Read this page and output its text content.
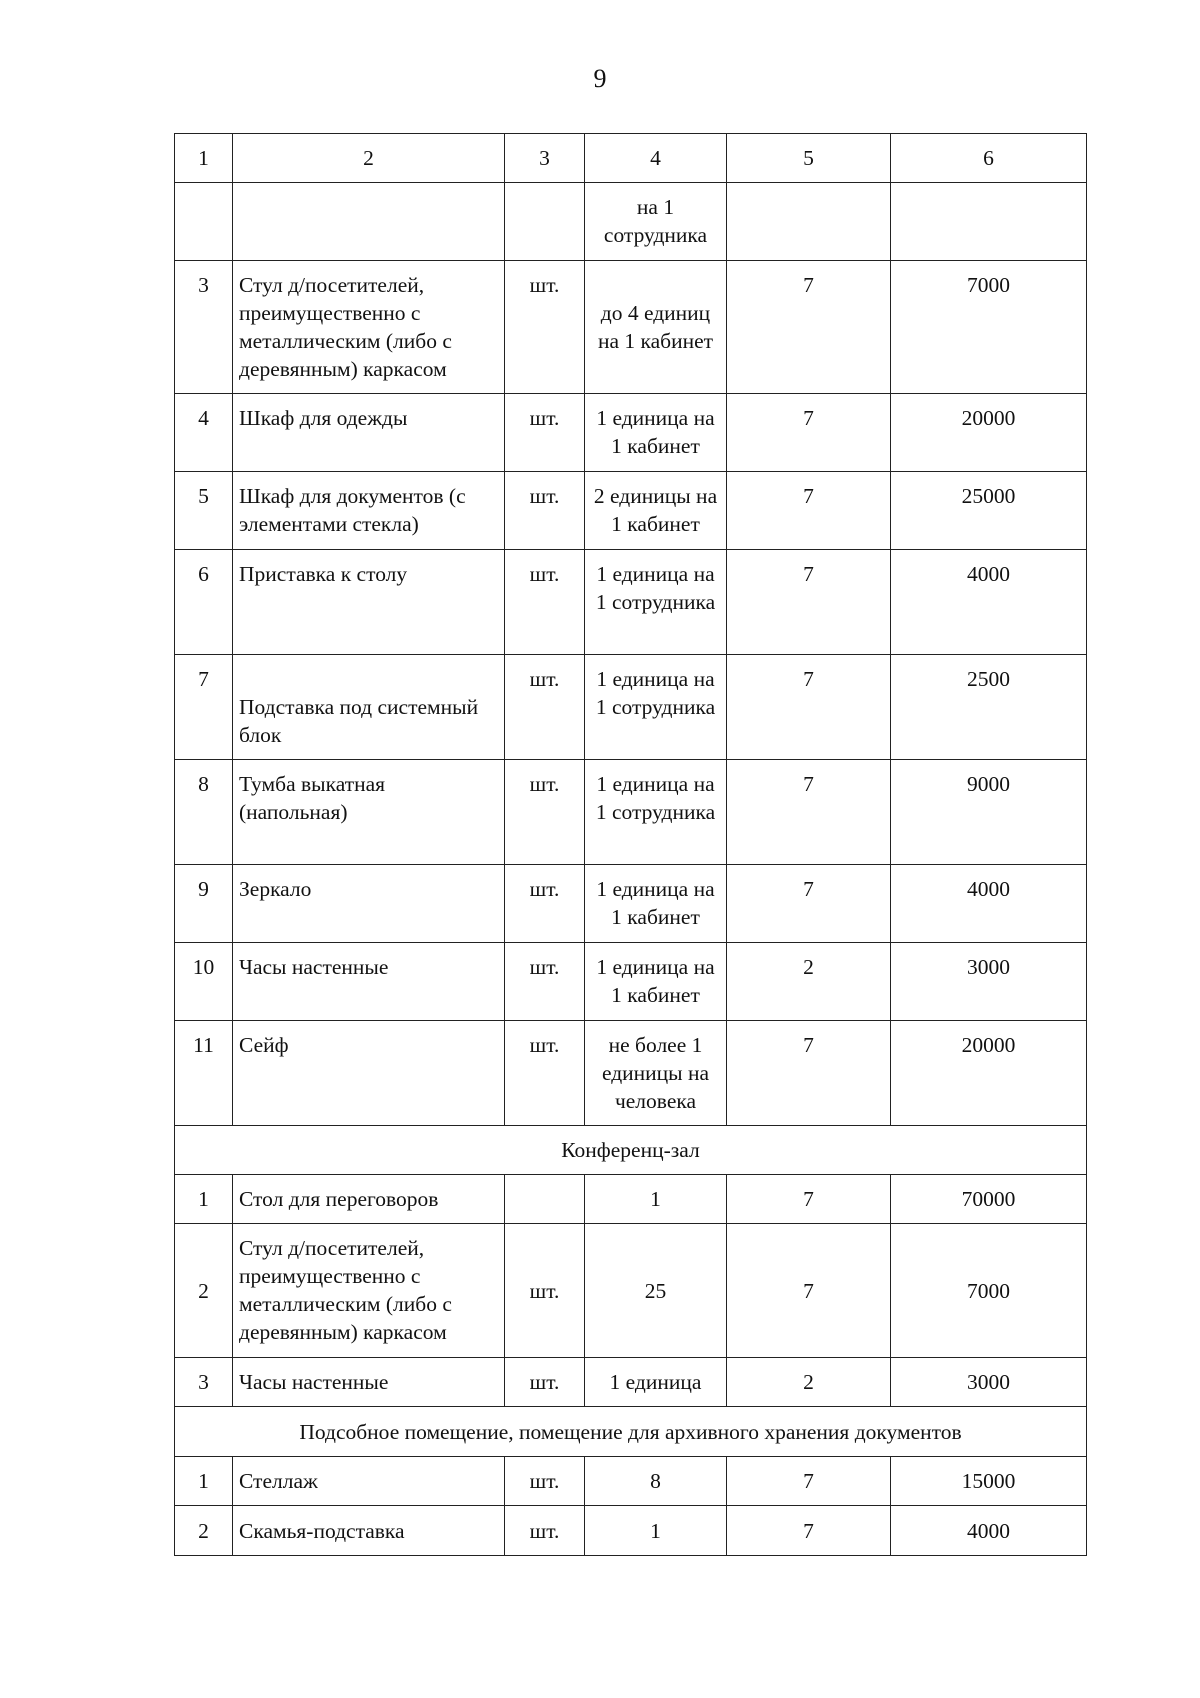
9
1	2	3	4	5	6
			на 1 сотрудника		
3	Стул д/посетителей, преимущественно с металлическим (либо с деревянным) каркасом	шт.	до 4 единиц на 1 кабинет	7	7000
4	Шкаф для одежды	шт.	1 единица на 1 кабинет	7	20000
5	Шкаф для документов (с элементами стекла)	шт.	2 единицы на 1 кабинет	7	25000
6	Приставка к столу	шт.	1 единица на 1 сотрудника	7	4000
7	Подставка под системный блок	шт.	1 единица на 1 сотрудника	7	2500
8	Тумба выкатная (напольная)	шт.	1 единица на 1 сотрудника	7	9000
9	Зеркало	шт.	1 единица на 1 кабинет	7	4000
10	Часы настенные	шт.	1 единица на 1 кабинет	2	3000
11	Сейф	шт.	не более 1 единицы на человека	7	20000
Конференц-зал					
1	Стол для переговоров		1	7	70000
2	Стул д/посетителей, преимущественно с металлическим (либо с деревянным) каркасом	шт.	25	7	7000
3	Часы настенные	шт.	1 единица	2	3000
Подсобное помещение, помещение для архивного хранения документов					
1	Стеллаж	шт.	8	7	15000
2	Скамья-подставка	шт.	1	7	4000
